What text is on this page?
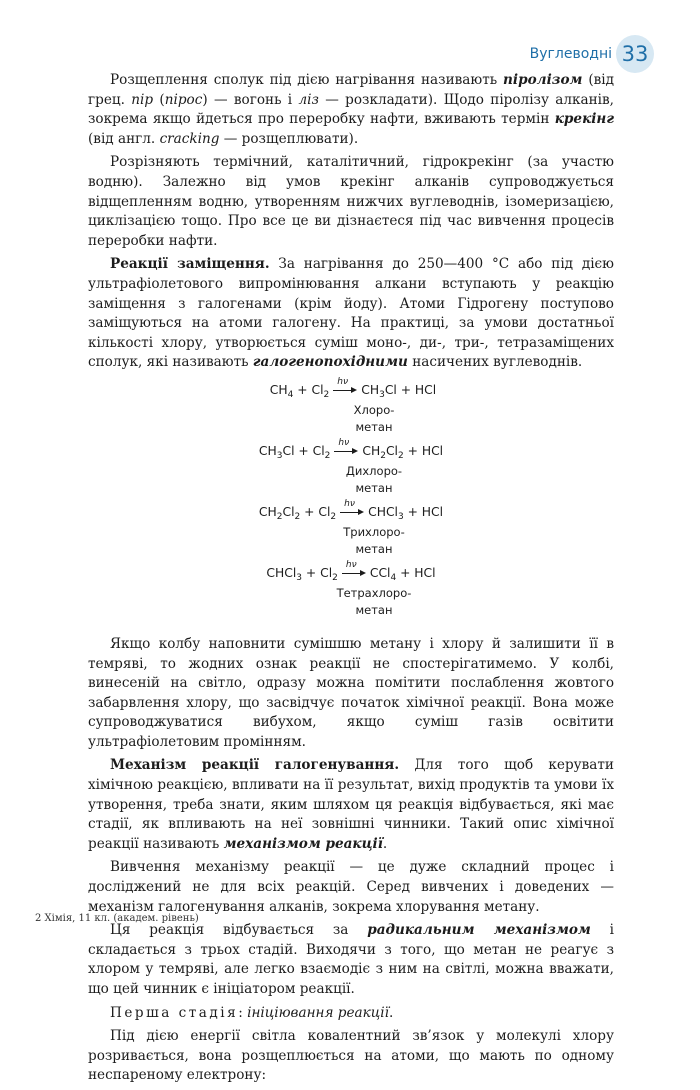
Вуглеводні 33

Розщеплення сполук під дією нагрівання називають піролізом (від грец. пір (пірос) — вогонь і ліз — розкладати). Щодо піролізу алканів, зокрема якщо йдеться про переробку нафти, вживають термін крекінг (від англ. cracking — розщеплювати).

Розрізняють термічний, каталітичний, гідрокрекінг (за участю водню). Залежно від умов крекінг алканів супроводжується відщепленням водню, утворенням нижчих вуглеводнів, ізомеризацією, циклізацією тощо. Про все це ви дізнаєтеся під час вивчення процесів переробки нафти.

Реакції заміщення. За нагрівання до 250—400 °С або під дією ультрафіолетового випромінювання алкани вступають у реакцію заміщення з галогенами (крім йоду). Атоми Гідрогену поступово заміщуються на атоми галогену. На практиці, за умови достатньої кількості хлору, утворюється суміш моно-, ди-, три-, тетразаміщених сполук, які називають галогенопохідними насичених вуглеводнів.

$CH_4 + Cl_2$
hν
$CH_3Cl$ + HCl
Хлоро-
метан
$CH_3Cl + Cl_2$
hν
$CH_2Cl_2$ + HCl
Дихлоро-
метан
$CH_2Cl_2 + Cl_2$
hν
CHCl$_3$ + HCl
Трихлоро-
метан
CHCl$_3$ + $Cl_2$
hν
CCl$_4$ + HCl
Тетрахлоро-
метан

Якщо колбу наповнити сумішшю метану і хлору й залишити її в темряві, то жодних ознак реакції не спостерігатимемо. У колбі, винесеній на світло, одразу можна помітити послаблення жовтого забарвлення хлору, що засвідчує початок хімічної реакції. Вона може супроводжуватися вибухом, якщо суміш газів освітити ультрафіолетовим промінням.

Механізм реакції галогенування. Для того щоб керувати хімічною реакцією, впливати на її результат, вихід продуктів та умови їх утворення, треба знати, яким шляхом ця реакція відбувається, які має стадії, як впливають на неї зовнішні чинники. Такий опис хімічної реакції називають механізмом реакції.

Вивчення механізму реакції — це дуже складний процес і досліджений не для всіх реакцій. Серед вивчених і доведених — механізм галогенування алканів, зокрема хлорування метану.

Ця реакція відбувається за радикальним механізмом і складається з трьох стадій. Виходячи з того, що метан не реагує з хлором у темряві, але легко взаємодіє з ним на світлі, можна вважати, що цей чинник є ініціатором реакції.

Перша стадія: ініціювання реакції.

Під дією енергії світла ковалентний зв’язок у молекулі хлору розривається, вона розщеплюється на атоми, що мають по одному неспареному електрону:

2 Хімія, 11 кл. (академ. рівень)
